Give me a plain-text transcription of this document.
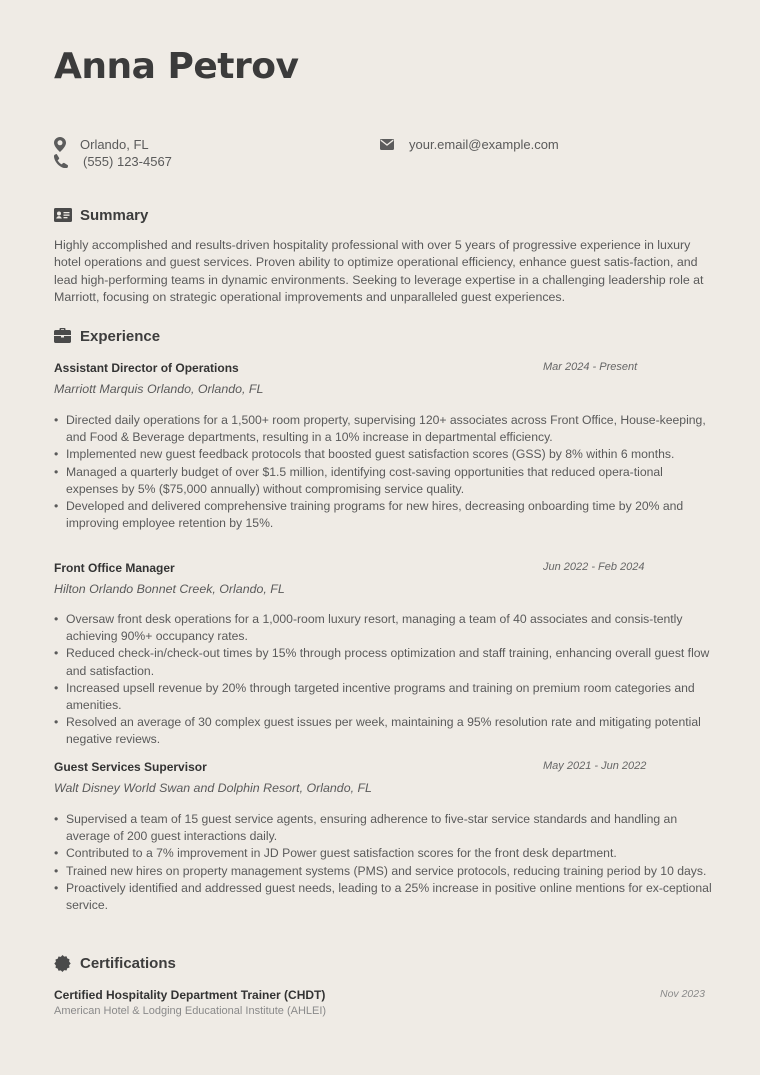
Anna Petrov
Orlando, FL
(555) 123-4567
your.email@example.com
Summary
Highly accomplished and results-driven hospitality professional with over 5 years of progressive experience in luxury hotel operations and guest services. Proven ability to optimize operational efficiency, enhance guest satis-faction, and lead high-performing teams in dynamic environments. Seeking to leverage expertise in a challenging leadership role at Marriott, focusing on strategic operational improvements and unparalleled guest experiences.
Experience
Assistant Director of Operations	Mar 2024 - Present
Marriott Marquis Orlando, Orlando, FL
• Directed daily operations for a 1,500+ room property, supervising 120+ associates across Front Office, House-keeping, and Food & Beverage departments, resulting in a 10% increase in departmental efficiency.
• Implemented new guest feedback protocols that boosted guest satisfaction scores (GSS) by 8% within 6 months.
• Managed a quarterly budget of over $1.5 million, identifying cost-saving opportunities that reduced opera-tional expenses by 5% ($75,000 annually) without compromising service quality.
• Developed and delivered comprehensive training programs for new hires, decreasing onboarding time by 20% and improving employee retention by 15%.
Front Office Manager	Jun 2022 - Feb 2024
Hilton Orlando Bonnet Creek, Orlando, FL
• Oversaw front desk operations for a 1,000-room luxury resort, managing a team of 40 associates and consis-tently achieving 90%+ occupancy rates.
• Reduced check-in/check-out times by 15% through process optimization and staff training, enhancing overall guest flow and satisfaction.
• Increased upsell revenue by 20% through targeted incentive programs and training on premium room categories and amenities.
• Resolved an average of 30 complex guest issues per week, maintaining a 95% resolution rate and mitigating potential negative reviews.
Guest Services Supervisor	May 2021 - Jun 2022
Walt Disney World Swan and Dolphin Resort, Orlando, FL
• Supervised a team of 15 guest service agents, ensuring adherence to five-star service standards and handling an average of 200 guest interactions daily.
• Contributed to a 7% improvement in JD Power guest satisfaction scores for the front desk department.
• Trained new hires on property management systems (PMS) and service protocols, reducing training period by 10 days.
• Proactively identified and addressed guest needs, leading to a 25% increase in positive online mentions for ex-ceptional service.
Certifications
Certified Hospitality Department Trainer (CHDT)
American Hotel & Lodging Educational Institute (AHLEI)
Nov 2023
